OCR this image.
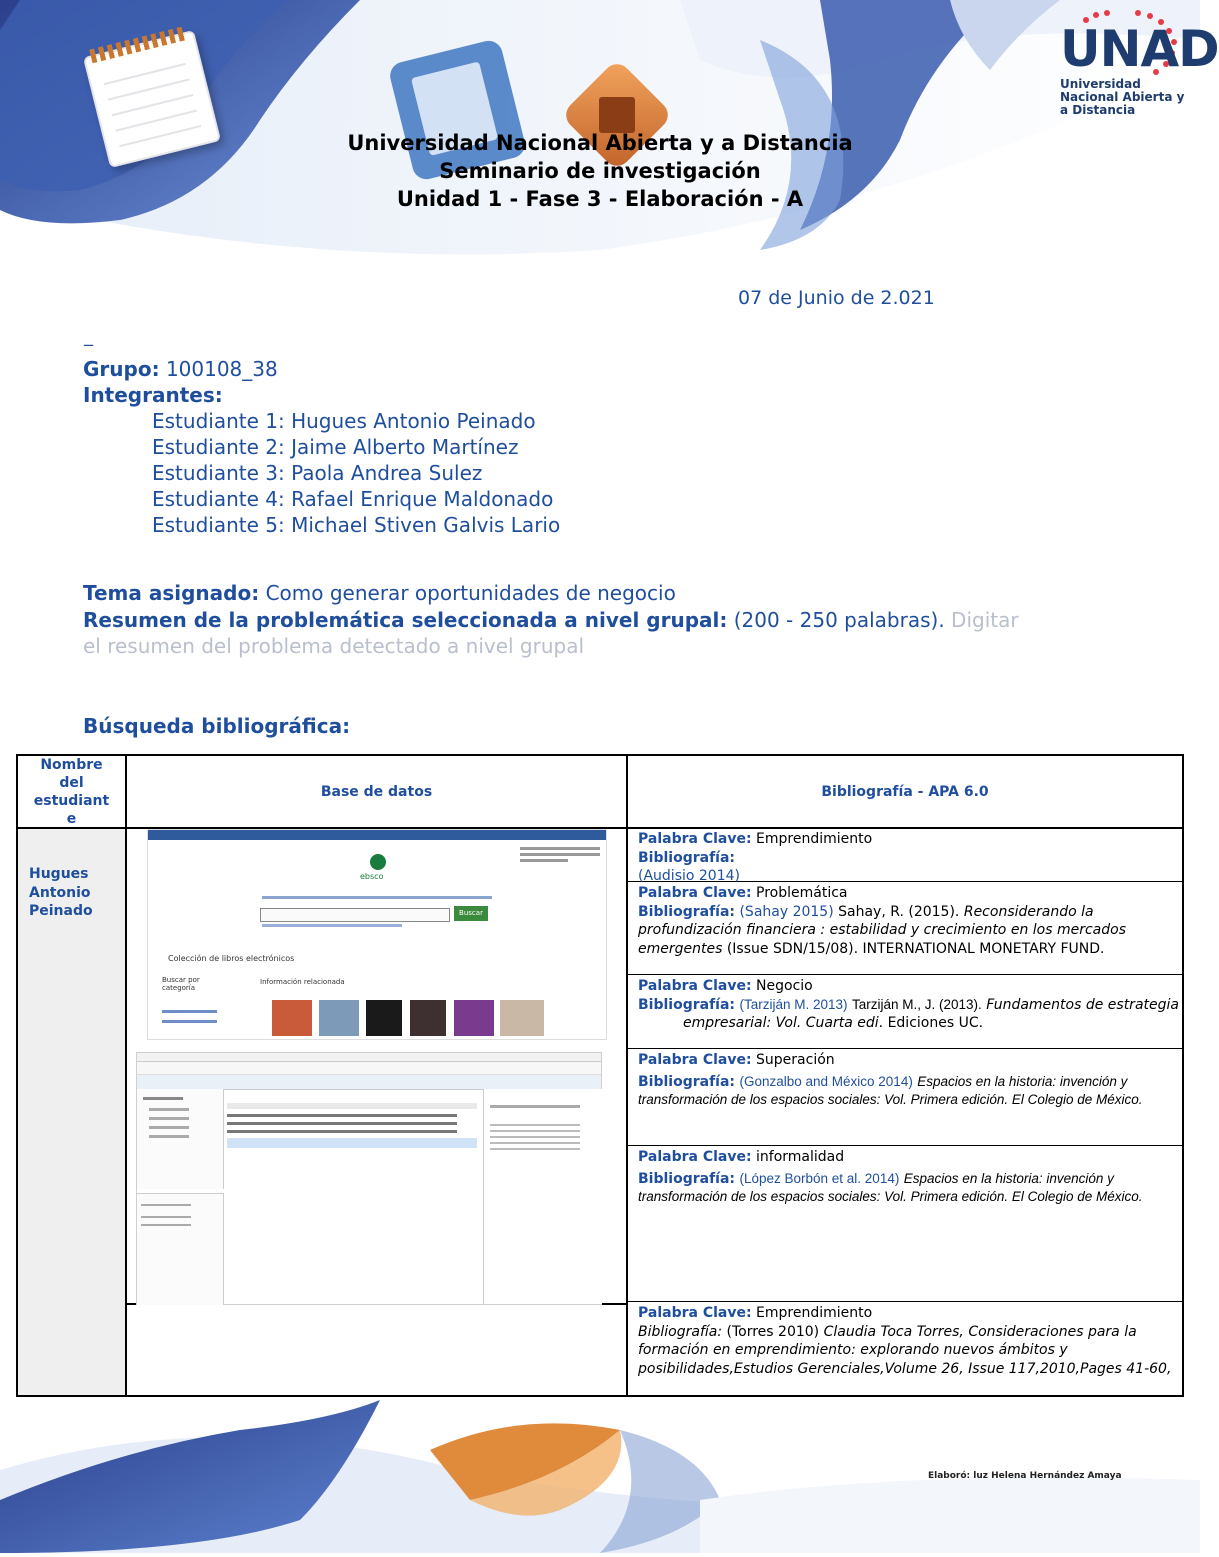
UNAD
Universidad Nacional Abierta y a Distancia
Universidad Nacional Abierta y a Distancia
Seminario de investigación
Unidad 1 - Fase 3 - Elaboración - A
07 de Junio de 2.021
_
Grupo: 100108_38
Integrantes:
Estudiante 1: Hugues Antonio Peinado
Estudiante 2: Jaime Alberto Martínez
Estudiante 3: Paola Andrea Sulez
Estudiante 4: Rafael Enrique Maldonado
Estudiante 5: Michael Stiven Galvis Lario
Tema asignado: Como generar oportunidades de negocio
Resumen de la problemática seleccionada a nivel grupal: (200 - 250 palabras). Digitar
el resumen del problema detectado a nivel grupal
Búsqueda bibliográfica:
Nombre
del
estudiant
e
Base de datos	Bibliografía - APA 6.0
Hugues
Antonio
Peinado
ebsco
Buscar
Colección de libros electrónicos
Buscar por categoría
Información relacionada
Palabra Clave: Emprendimiento
Bibliografía:
(Audisio 2014)
Palabra Clave: Problemática
Bibliografía: (Sahay 2015) Sahay, R. (2015). Reconsiderando la profundización financiera : estabilidad y crecimiento en los mercados emergentes (Issue SDN/15/08). INTERNATIONAL MONETARY FUND.
Palabra Clave: Negocio
Bibliografía: (Tarziján M. 2013) Tarziján M., J. (2013). Fundamentos de estrategia empresarial: Vol. Cuarta edi. Ediciones UC.
Palabra Clave: Superación
Bibliografía: (Gonzalbo and México 2014) Espacios en la historia: invención y transformación de los espacios sociales: Vol. Primera edición. El Colegio de México.
Palabra Clave: informalidad
Bibliografía: (López Borbón et al. 2014) Espacios en la historia: invención y transformación de los espacios sociales: Vol. Primera edición. El Colegio de México.
Palabra Clave: Emprendimiento
Bibliografía: (Torres 2010) Claudia Toca Torres, Consideraciones para la formación en emprendimiento: explorando nuevos ámbitos y posibilidades,Estudios Gerenciales,Volume 26, Issue 117,2010,Pages 41-60,
Elaboró: luz Helena Hernández Amaya
